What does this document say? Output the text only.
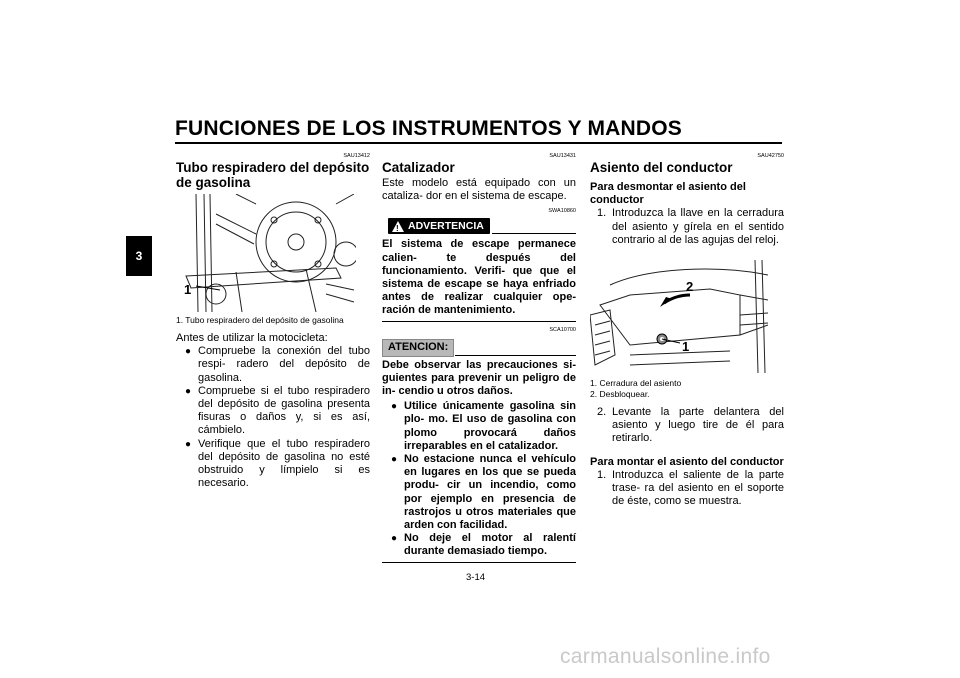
FUNCIONES DE LOS INSTRUMENTOS Y MANDOS
3
SAU13412
Tubo respiradero del depósito de gasolina
1
1. Tubo respiradero del depósito de gasolina

Antes de utilizar la motocicleta:

● Compruebe la conexión del tubo respi- radero del depósito de gasolina.
● Compruebe si el tubo respiradero del depósito de gasolina presenta fisuras o daños y, si es así, cámbielo.
● Verifique que el tubo respiradero del depósito de gasolina no esté obstruido y límpielo si es necesario.
SAU13431
Catalizador

Este modelo está equipado con un cataliza- dor en el sistema de escape.

SWA10860
! ADVERTENCIA
El sistema de escape permanece calien- te después del funcionamiento. Verifi- que que el sistema de escape se haya enfriado antes de realizar cualquier ope- ración de mantenimiento.
SCA10700
ATENCION:
Debe observar las precauciones si- guientes para prevenir un peligro de in- cendio u otros daños.
● Utilice únicamente gasolina sin plo- mo. El uso de gasolina con plomo provocará daños irreparables en el catalizador.
● No estacione nunca el vehículo en lugares en los que se pueda produ- cir un incendio, como por ejemplo en presencia de rastrojos u otros materiales que arden con facilidad.
● No deje el motor al ralentí durante demasiado tiempo.
SAU42750
Asiento del conductor

Para desmontar el asiento del conductor

1. Introduzca la llave en la cerradura del asiento y gírela en el sentido contrario al de las agujas del reloj.
2
1
1. Cerradura del asiento
2. Desbloquear.
2. Levante la parte delantera del asiento y luego tire de él para retirarlo.

Para montar el asiento del conductor

1. Introduzca el saliente de la parte trase- ra del asiento en el soporte de éste, como se muestra.
3-14
carmanualsonline.info
